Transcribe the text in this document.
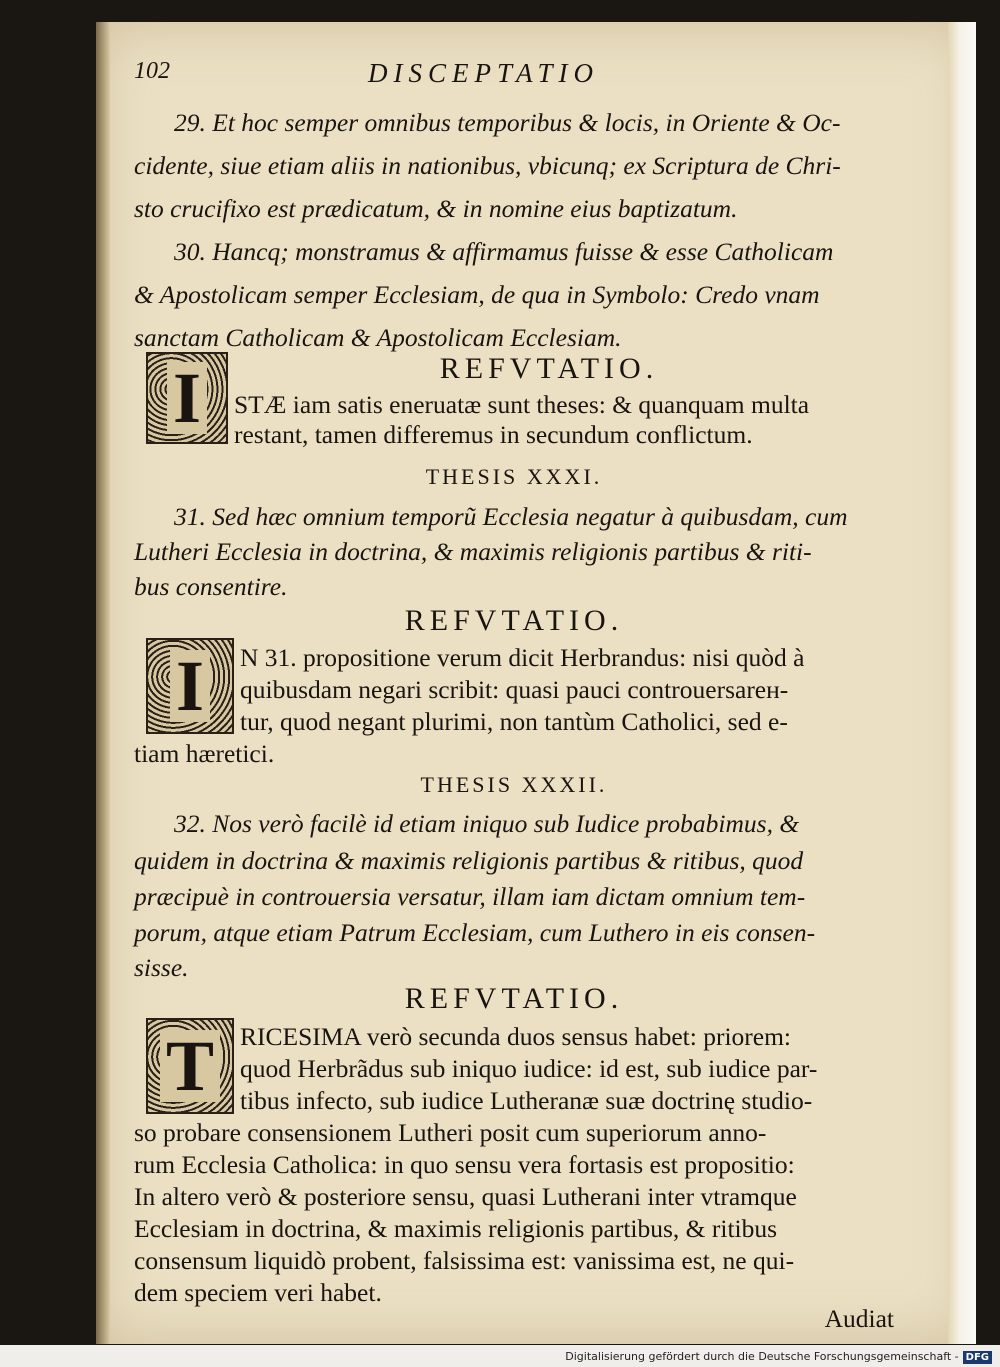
102	DISCEPTATIO
29. Et hoc semper omnibus temporibus & locis, in Oriente & Oc-
cidente, siue etiam aliis in nationibus, vbicunq; ex Scriptura de Chri-
sto crucifixo est prædicatum, & in nomine eius baptizatum.
30. Hancq; monstramus & affirmamus fuisse & esse Catholicam
& Apostolicam semper Ecclesiam, de qua in Symbolo: Credo vnam
sanctam Catholicam & Apostolicam Ecclesiam.
REFVTATIO.
I STÆ iam satis eneruatæ sunt theses: & quanquam multa
restant, tamen differemus in secundum conflictum.
THESIS XXXI.
31. Sed hæc omnium temporũ Ecclesia negatur à quibusdam, cum
Lutheri Ecclesia in doctrina, & maximis religionis partibus & riti-
bus consentire.
REFVTATIO.
I N 31. propositione verum dicit Herbrandus: nisi quòd à
quibusdam negari scribit: quasi pauci controuersarен-
tur, quod negant plurimi, non tantùm Catholici, sed e-
tiam hæretici.
THESIS XXXII.
32. Nos verò facilè id etiam iniquo sub Iudice probabimus, &
quidem in doctrina & maximis religionis partibus & ritibus, quod
præcipuè in controuersia versatur, illam iam dictam omnium tem-
porum, atque etiam Patrum Ecclesiam, cum Luthero in eis consen-
sisse.
REFVTATIO.
T RICESIMA verò secunda duos sensus habet: priorem:
quod Herbrãdus sub iniquo iudice: id est, sub iudice par-
tibus infecto, sub iudice Lutheranæ suæ doctrinę studio-
so probare consensionem Lutheri posit cum superiorum anno-
rum Ecclesia Catholica: in quo sensu vera fortasis est propositio:
In altero verò & posteriore sensu, quasi Lutherani inter vtramque
Ecclesiam in doctrina, & maximis religionis partibus, & ritibus
consensum liquidò probent, falsissima est: vanissima est, ne qui-
dem speciem veri habet.
Audiat
Digitalisierung gefördert durch die Deutsche Forschungsgemeinschaft - DFG
